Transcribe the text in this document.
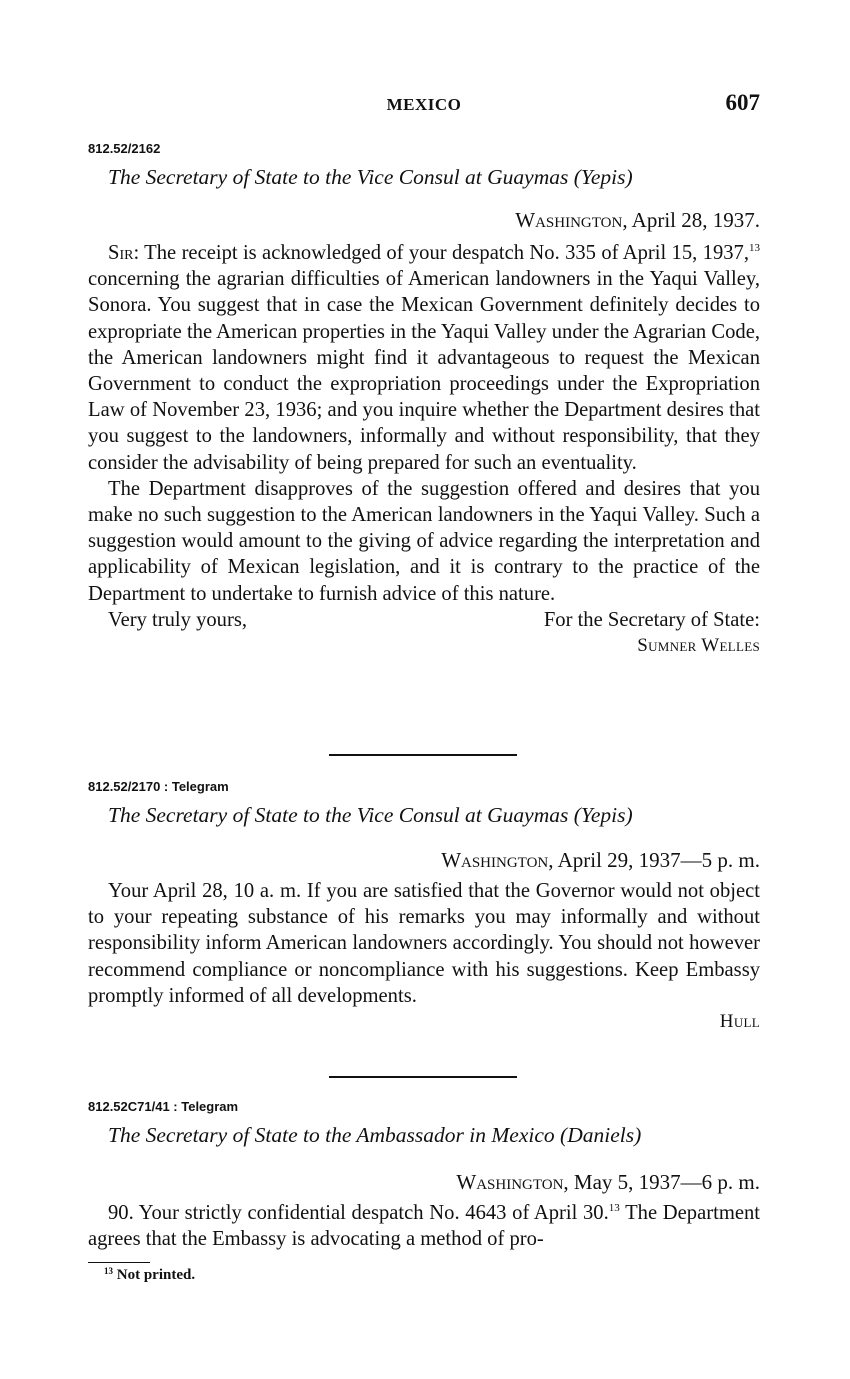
MEXICO	607

812.52/2162

The Secretary of State to the Vice Consul at Guaymas (Yepis)

Washington, April 28, 1937.

Sir: The receipt is acknowledged of your despatch No. 335 of April 15, 1937,13 concerning the agrarian difficulties of American landowners in the Yaqui Valley, Sonora. You suggest that in case the Mexican Government definitely decides to expropriate the American properties in the Yaqui Valley under the Agrarian Code, the American landowners might find it advantageous to request the Mexican Government to conduct the expropriation proceedings under the Expropriation Law of November 23, 1936; and you inquire whether the Department desires that you suggest to the landowners, informally and without responsibility, that they consider the advisability of being prepared for such an eventuality.

The Department disapproves of the suggestion offered and desires that you make no such suggestion to the American landowners in the Yaqui Valley. Such a suggestion would amount to the giving of advice regarding the interpretation and applicability of Mexican legislation, and it is contrary to the practice of the Department to undertake to furnish advice of this nature.

Very truly yours,	For the Secretary of State:
Sumner Welles

812.52/2170 : Telegram

The Secretary of State to the Vice Consul at Guaymas (Yepis)

Washington, April 29, 1937—5 p. m.

Your April 28, 10 a. m. If you are satisfied that the Governor would not object to your repeating substance of his remarks you may informally and without responsibility inform American landowners accordingly. You should not however recommend compliance or noncompliance with his suggestions. Keep Embassy promptly informed of all developments.

Hull

812.52C71/41 : Telegram

The Secretary of State to the Ambassador in Mexico (Daniels)

Washington, May 5, 1937—6 p. m.

90. Your strictly confidential despatch No. 4643 of April 30.13 The Department agrees that the Embassy is advocating a method of pro-

$^{13}$ Not printed.
